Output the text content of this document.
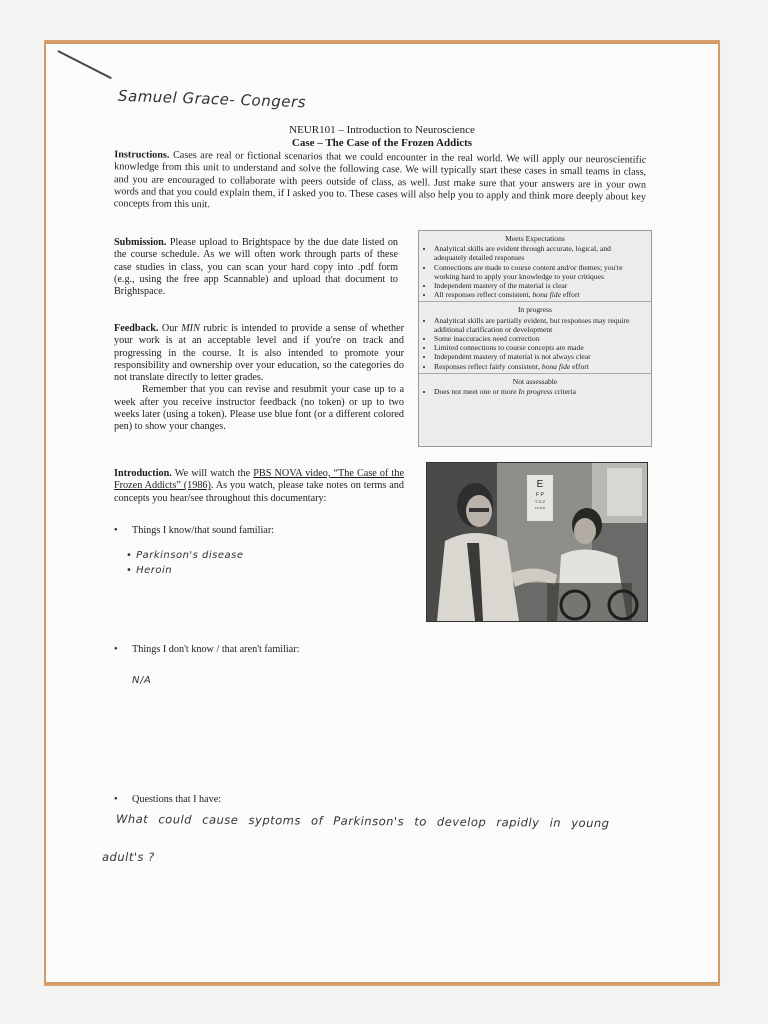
Samuel Grace- Congers
NEUR101 – Introduction to Neuroscience
Case – The Case of the Frozen Addicts
Instructions. Cases are real or fictional scenarios that we could encounter in the real world. We will apply our neuroscientific knowledge from this unit to understand and solve the following case. We will typically start these cases in small teams in class, and you are encouraged to collaborate with peers outside of class, as well. Just make sure that your answers are in your own words and that you could explain them, if I asked you to. These cases will also help you to apply and think more deeply about key concepts from this unit.
Submission. Please upload to Brightspace by the due date listed on the course schedule. As we will often work through parts of these case studies in class, you can scan your hard copy into .pdf form (e.g., using the free app Scannable) and upload that document to Brightspace.
Feedback. Our MIN rubric is intended to provide a sense of whether your work is at an acceptable level and if you're on track and progressing in the course. It is also intended to promote your responsibility and ownership over your education, so the categories do not translate directly to letter grades.
Remember that you can revise and resubmit your case up to a week after you receive instructor feedback (no token) or up to two weeks later (using a token). Please use blue font (or a different colored pen) to show your changes.
Meets Expectations
• Analytical skills are evident through accurate, logical, and adequately detailed responses
• Connections are made to course content and/or themes; you're working hard to apply your knowledge to your critiques
• Independent mastery of the material is clear
• All responses reflect consistent, bona fide effort
In progress
• Analytical skills are partially evident, but responses may require additional clarification or development
• Some inaccuracies need correction
• Limited connections to course concepts are made
• Independent mastery of material is not always clear
• Responses reflect fairly consistent, bona fide effort
Not assessable
• Does not meet one or more In progress criteria
Introduction. We will watch the PBS NOVA video, “The Case of the Frozen Addicts” (1986). As you watch, please take notes on terms and concepts you hear/see throughout this documentary:
E
F P
T O Z
L P E D
• Things I know/that sound familiar:
• Parkinson's disease
• Heroin
• Things I don't know / that aren't familiar:
N/A
• Questions that I have:
What could cause syptoms of Parkinson's to develop rapidly in young
adult's ?
